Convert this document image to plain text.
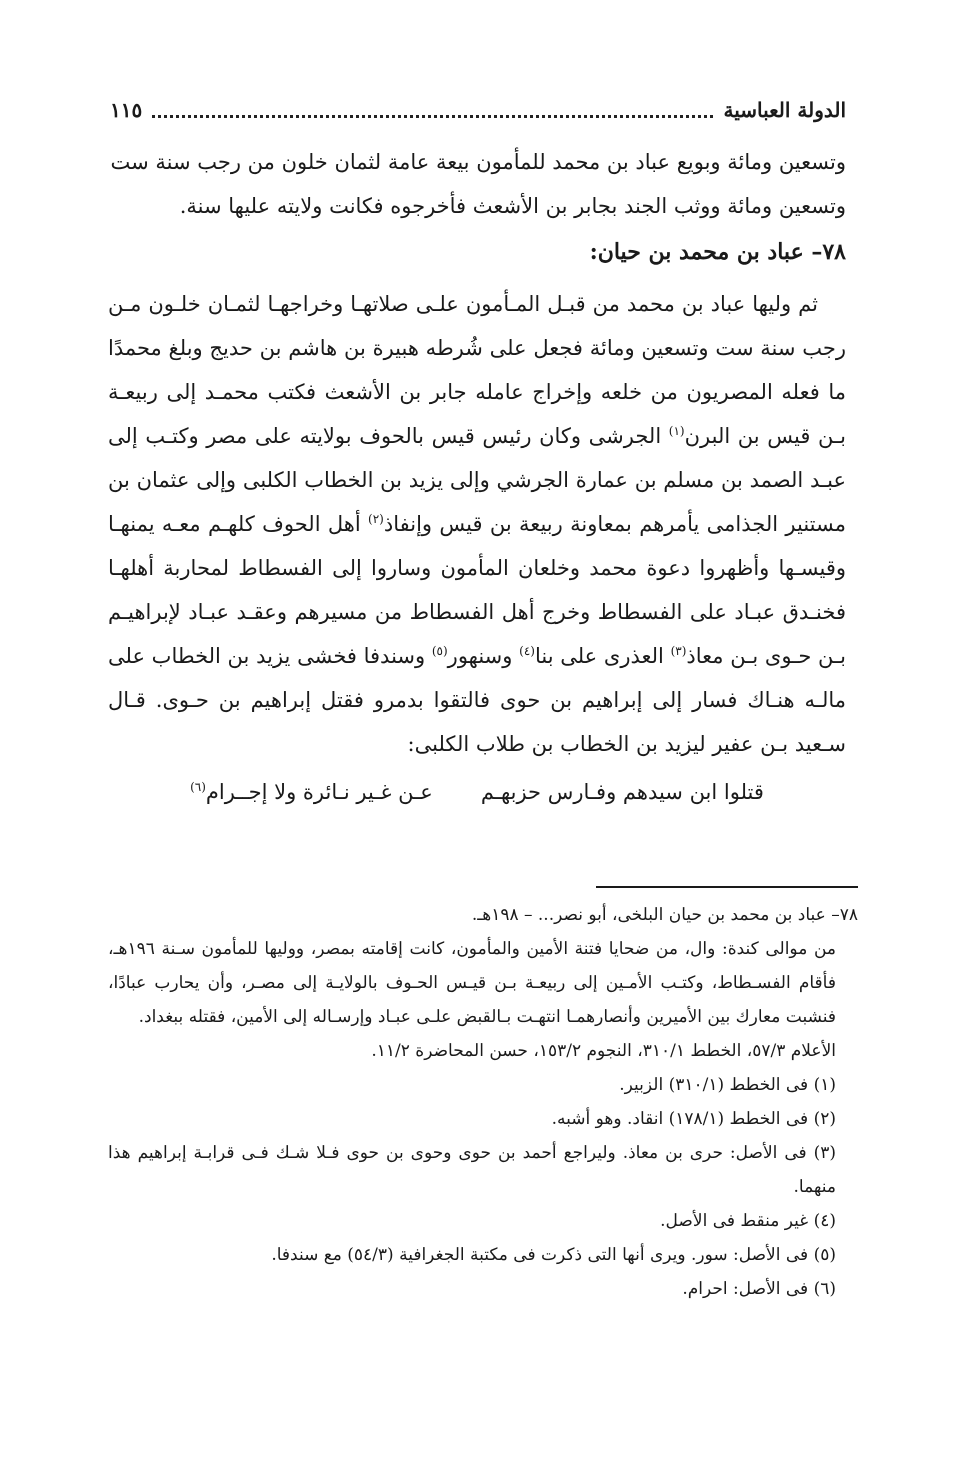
الدولة العباسية
١١٥

وتسعين ومائة وبويع عباد بن محمد للمأمون بيعة عامة لثمان خلون من رجب سنة ست

وتسعين ومائة ووثب الجند بجابر بن الأشعث فأخرجوه فكانت ولايته عليها سنة.

٧٨– عباد بن محمد بن حيان:

ثم وليها عباد بن محمد من قبـل المـأمون علـى صلاتهـا وخراجهـا لثمـان خلـون مـن رجب سنة ست وتسعين ومائة فجعل على شُرطه هبيرة بن هاشم بن حديج وبلغ محمدًا ما فعله المصريون من خلعه وإخراج عامله جابر بن الأشعث فكتب محمـد إلى ربيعـة بـن قيس بن البرن$^{(١)}$ الجرشى وكان رئيس قيس بالحوف بولايته على مصر وكتـب إلى عبـد الصمد بن مسلم بن عمارة الجرشي وإلى يزيد بن الخطاب الكلبى وإلى عثمان بن مستنير الجذامى يأمرهم بمعاونة ربيعة بن قيس وإنفاذ$^{(٢)}$ أهل الحوف كلهـم معـه يمنهـا وقيسـها وأظهروا دعوة محمد وخلعان المأمون وساروا إلى الفسطاط لمحاربة أهلهـا فخنـدق عبـاد على الفسطاط وخرج أهل الفسطاط من مسيرهم وعقـد عبـاد لإبراهيـم بـن حـوى بـن معاذ$^{(٣)}$ العذرى على بنا$^{(٤)}$ وسنهور$^{(٥)}$ وسندفا فخشى يزيد بن الخطاب على مالـه هنـاك فسار إلى إبراهيم بن حوى فالتقوا بدمرو فقتل إبراهيم بن حـوى. قـال سـعيد بـن عفير ليزيد بن الخطاب بن طلاب الكلبى:

قتلوا ابن سيدهم وفـارس حزبهـم
عـن غـير نـائرة ولا إجــرام$^{(٦)}$

٧٨– عباد بن محمد بن حيان البلخى، أبو نصر... – ١٩٨هـ.

من موالى كندة: وال، من ضحايا فتنة الأمين والمأمون، كانت إقامته بمصر، ووليها للمأمون سـنة ١٩٦هـ، فأقام الفسـطاط، وكتـب الأمـين إلى ربيعـة بـن قيـس الحـوف بالولايـة إلى مصـر، وأن يحارب عبادًا، فنشبت معارك بين الأميرين وأنصارهمـا انتهـت بـالقبض علـى عبـاد وإرسـاله إلى الأمين، فقتله ببغداد.

الأعلام ٥٧/٣، الخطط ٣١٠/١، النجوم ١٥٣/٢، حسن المحاضرة ١١/٢.

(١) فى الخطط (٣١٠/١) الزبير.

(٢) فى الخطط (١٧٨/١) انقاد. وهو أشبه.

(٣) فى الأصل: حرى بن معاذ. وليراجع أحمد بن حوى وحوى بن حوى فـلا شـك فـى قرابـة إبراهيم هذا منهما.

(٤) غير منقط فى الأصل.

(٥) فى الأصل: سور. ويرى أنها التى ذكرت فى مكتبة الجغرافية (٥٤/٣) مع سندفا.

(٦) فى الأصل: احرام.
